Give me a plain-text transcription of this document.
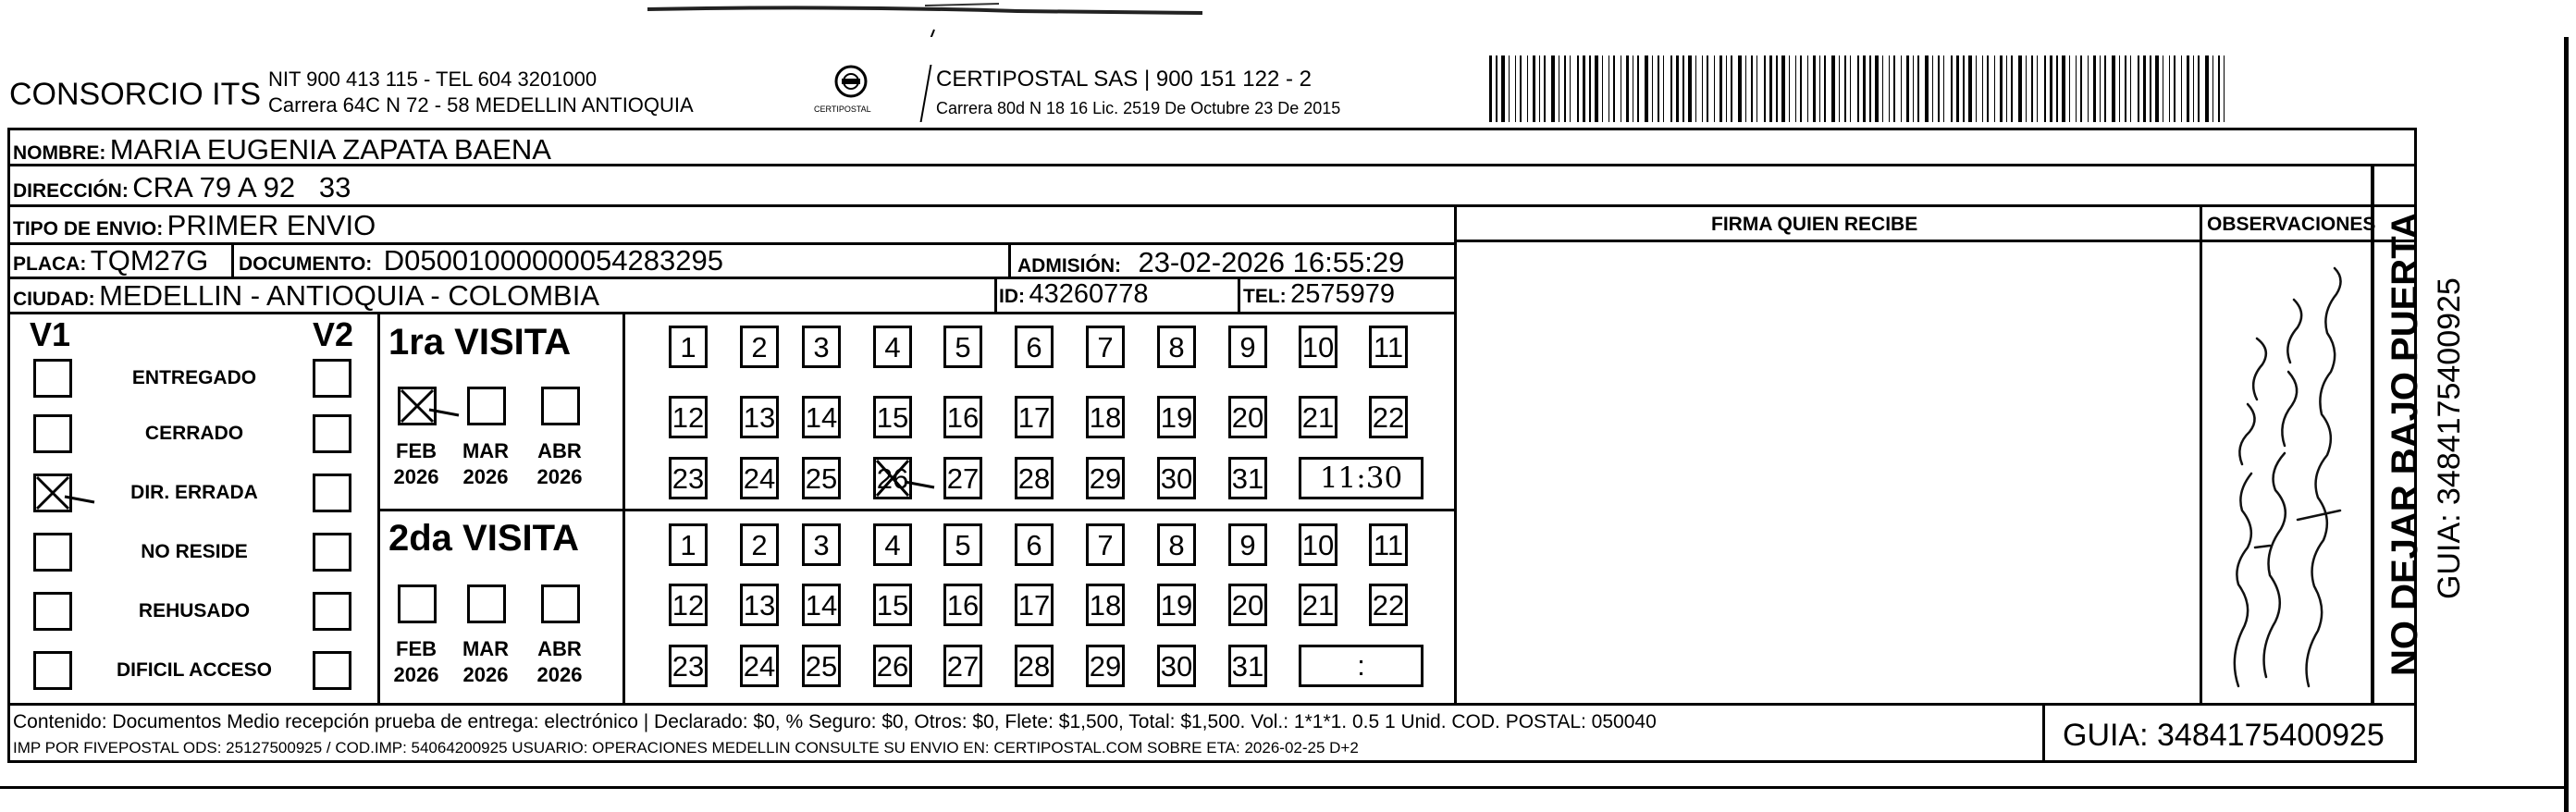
CONSORCIO ITS NIT 900 413 115 - TEL 604 3201000
Carrera 64C N 72 - 58 MEDELLIN ANTIOQUIA	CERTIPOSTAL
CERTIPOSTAL SAS | 900 151 122 - 2
Carrera 80d N 18 16 Lic. 2519 De Octubre 23 De 2015
NOMBRE: MARIA EUGENIA ZAPATA BAENA
DIRECCIÓN: CRA 79 A 92   33
TIPO DE ENVIO: PRIMER ENVIO	FIRMA QUIEN RECIBE	OBSERVACIONES
PLACA: TQM27G DOCUMENTO: D05001000000054283295	ADMISIÓN: 23-02-2026 16:55:29
CIUDAD: MEDELLIN - ANTIOQUIA - COLOMBIA	ID: 43260778	TEL: 2575979
V1	V2 1ra VISITA
2da VISITA	NO DEJAR BAJO PUERTA GUIA: 3484175400925
Contenido: Documentos Medio recepción prueba de entrega: electrónico | Declarado: $0, % Seguro: $0, Otros: $0, Flete: $1,500, Total: $1,500. Vol.: 1*1*1. 0.5 1 Unid. COD. POSTAL: 050040
IMP POR FIVEPOSTAL ODS: 25127500925 / COD.IMP: 54064200925 USUARIO: OPERACIONES MEDELLIN CONSULTE SU ENVIO EN: CERTIPOSTAL.COM SOBRE ETA: 2026-02-25 D+2	GUIA: 3484175400925
ENTREGADO
CERRADO
DIR. ERRADA
NO RESIDE
REHUSADO
DIFICIL ACCESO
1	2	3	4	5	6	7	8	9	10 11
12 13 14 15 16 17 18 19 20 21 22
23 24 25 26 27 28 29 30 31	11:30
FEB
2026
MAR
2026
ABR
2026
1	2	3	4	5	6	7	8	9	10 11
12 13 14 15 16 17 18 19 20 21 22
23 24 25 26 27 28 29 30 31	:
FEB
2026
MAR
2026
ABR
2026
